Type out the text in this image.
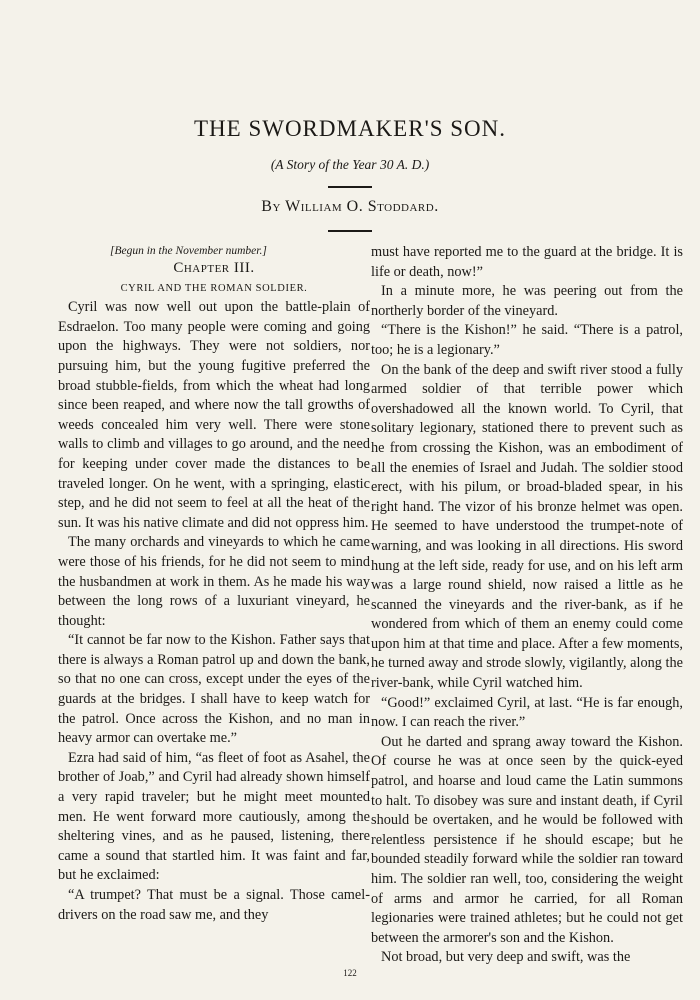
THE SWORDMAKER'S SON.

(A Story of the Year 30 A. D.)

By William O. Stoddard.

[Begun in the November number.]

Chapter III.

CYRIL AND THE ROMAN SOLDIER.

Cyril was now well out upon the battle-plain of Esdraelon. Too many people were coming and going upon the highways. They were not soldiers, nor pursuing him, but the young fugitive preferred the broad stubble-fields, from which the wheat had long since been reaped, and where now the tall growths of weeds concealed him very well. There were stone walls to climb and villages to go around, and the need for keeping under cover made the distances to be traveled longer. On he went, with a springing, elastic step, and he did not seem to feel at all the heat of the sun. It was his native climate and did not oppress him.

The many orchards and vineyards to which he came were those of his friends, for he did not seem to mind the husbandmen at work in them. As he made his way between the long rows of a luxuriant vineyard, he thought:

“It cannot be far now to the Kishon. Father says that there is always a Roman patrol up and down the bank, so that no one can cross, except under the eyes of the guards at the bridges. I shall have to keep watch for the patrol. Once across the Kishon, and no man in heavy armor can overtake me.”

Ezra had said of him, “as fleet of foot as Asahel, the brother of Joab,” and Cyril had already shown himself a very rapid traveler; but he might meet mounted men. He went forward more cautiously, among the sheltering vines, and as he paused, listening, there came a sound that startled him. It was faint and far, but he exclaimed:

“A trumpet? That must be a signal. Those camel-drivers on the road saw me, and they

must have reported me to the guard at the bridge. It is life or death, now!”

In a minute more, he was peering out from the northerly border of the vineyard.

“There is the Kishon!” he said. “There is a patrol, too; he is a legionary.”

On the bank of the deep and swift river stood a fully armed soldier of that terrible power which overshadowed all the known world. To Cyril, that solitary legionary, stationed there to prevent such as he from crossing the Kishon, was an embodiment of all the enemies of Israel and Judah. The soldier stood erect, with his pilum, or broad-bladed spear, in his right hand. The vizor of his bronze helmet was open. He seemed to have understood the trumpet-note of warning, and was looking in all directions. His sword hung at the left side, ready for use, and on his left arm was a large round shield, now raised a little as he scanned the vineyards and the river-bank, as if he wondered from which of them an enemy could come upon him at that time and place. After a few moments, he turned away and strode slowly, vigilantly, along the river-bank, while Cyril watched him.

“Good!” exclaimed Cyril, at last. “He is far enough, now. I can reach the river.”

Out he darted and sprang away toward the Kishon. Of course he was at once seen by the quick-eyed patrol, and hoarse and loud came the Latin summons to halt. To disobey was sure and instant death, if Cyril should be overtaken, and he would be followed with relentless persistence if he should escape; but he bounded steadily forward while the soldier ran toward him. The soldier ran well, too, considering the weight of arms and armor he carried, for all Roman legionaries were trained athletes; but he could not get between the armorer's son and the Kishon.

Not broad, but very deep and swift, was the

122
